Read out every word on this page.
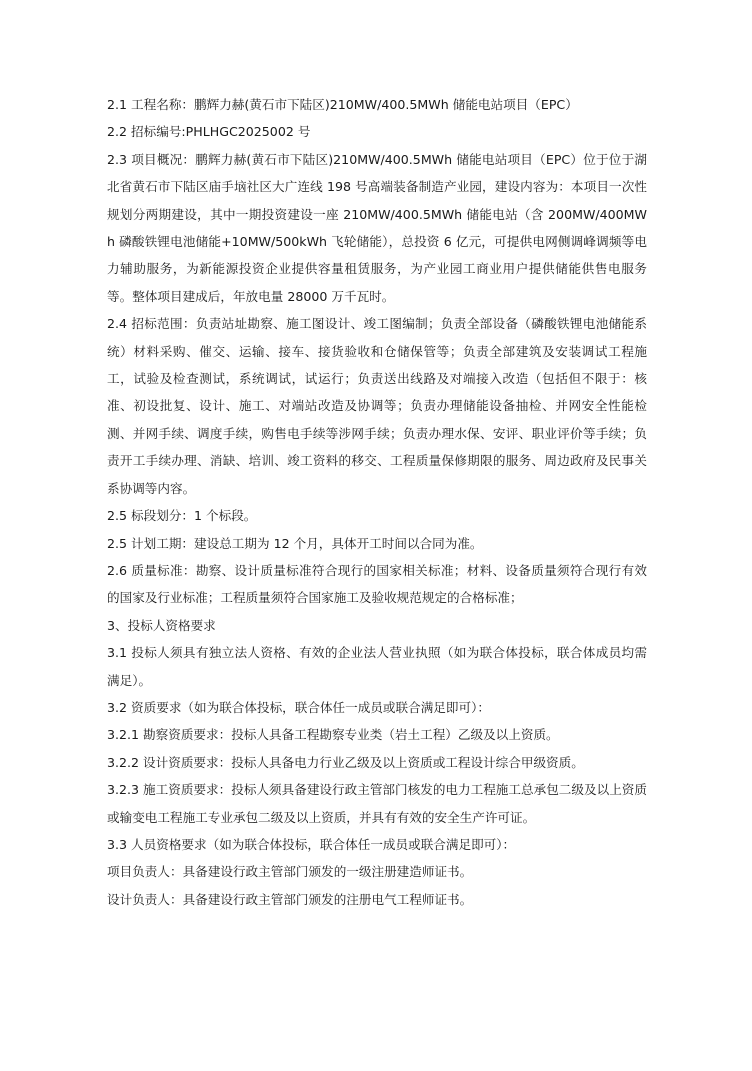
2.1 工程名称：鹏辉力赫(黄石市下陆区)210MW/400.5MWh 储能电站项目（EPC）

2.2 招标编号:PHLHGC2025002 号

2.3 项目概况：鹏辉力赫(黄石市下陆区)210MW/400.5MWh 储能电站项目（EPC）位于位于湖北省黄石市下陆区庙手垴社区大广连线 198 号高端装备制造产业园，建设内容为：本项目一次性规划分两期建设，其中一期投资建设一座 210MW/400.5MWh 储能电站（含 200MW/400MWh 磷酸铁锂电池储能+10MW/500kWh 飞轮储能），总投资 6 亿元，可提供电网侧调峰调频等电力辅助服务，为新能源投资企业提供容量租赁服务，为产业园工商业用户提供储能供售电服务等。整体项目建成后，年放电量 28000 万千瓦时。

2.4 招标范围：负责站址勘察、施工图设计、竣工图编制；负责全部设备（磷酸铁锂电池储能系统）材料采购、催交、运输、接车、接货验收和仓储保管等；负责全部建筑及安装调试工程施工，试验及检查测试，系统调试，试运行；负责送出线路及对端接入改造（包括但不限于：核准、初设批复、设计、施工、对端站改造及协调等；负责办理储能设备抽检、并网安全性能检测、并网手续、调度手续，购售电手续等涉网手续；负责办理水保、安评、职业评价等手续；负责开工手续办理、消缺、培训、竣工资料的移交、工程质量保修期限的服务、周边政府及民事关系协调等内容。

2.5 标段划分：1 个标段。

2.5 计划工期：建设总工期为 12 个月，具体开工时间以合同为准。

2.6 质量标准：勘察、设计质量标准符合现行的国家相关标准；材料、设备质量须符合现行有效的国家及行业标准；工程质量须符合国家施工及验收规范规定的合格标准；

3、投标人资格要求

3.1 投标人须具有独立法人资格、有效的企业法人营业执照（如为联合体投标，联合体成员均需满足）。

3.2 资质要求（如为联合体投标，联合体任一成员或联合满足即可）：

3.2.1 勘察资质要求：投标人具备工程勘察专业类（岩土工程）乙级及以上资质。

3.2.2 设计资质要求：投标人具备电力行业乙级及以上资质或工程设计综合甲级资质。

3.2.3 施工资质要求：投标人须具备建设行政主管部门核发的电力工程施工总承包二级及以上资质或输变电工程施工专业承包二级及以上资质，并具有有效的安全生产许可证。

3.3 人员资格要求（如为联合体投标，联合体任一成员或联合满足即可）：

项目负责人：具备建设行政主管部门颁发的一级注册建造师证书。

设计负责人：具备建设行政主管部门颁发的注册电气工程师证书。
